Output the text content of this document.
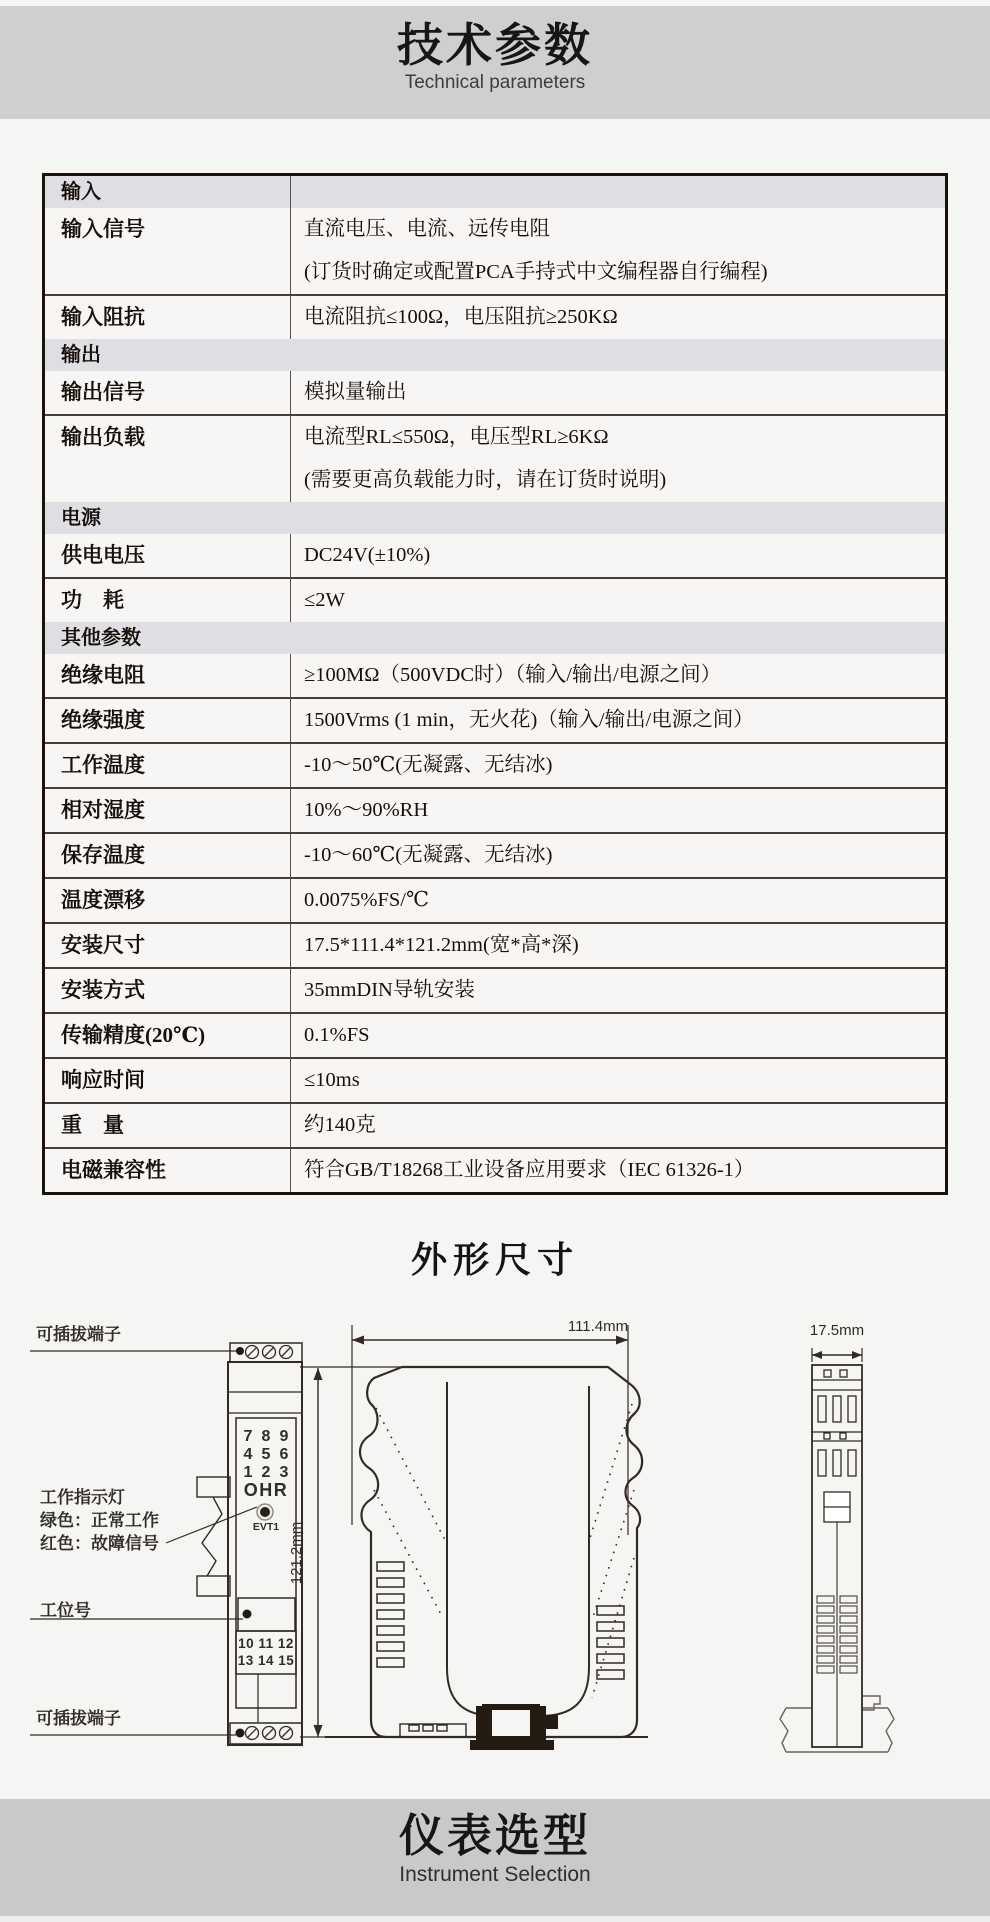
技术参数
Technical parameters
输入
输入信号	直流电压、电流、远传电阻
(订货时确定或配置PCA手持式中文编程器自行编程)
输入阻抗	电流阻抗≤100Ω，电压阻抗≥250KΩ
输出
输出信号	模拟量输出
输出负载	电流型RL≤550Ω，电压型RL≥6KΩ
(需要更高负载能力时，请在订货时说明)
电源
供电电压	DC24V(±10%)
功　耗	≤2W
其他参数
绝缘电阻	≥100MΩ（500VDC时）（输入/输出/电源之间）
绝缘强度	1500Vrms (1 min，无火花)（输入/输出/电源之间）
工作温度	-10～50℃(无凝露、无结冰)
相对湿度	10%～90%RH
保存温度	-10～60℃(无凝露、无结冰)
温度漂移	0.0075%FS/℃
安装尺寸	17.5*111.4*121.2mm(宽*高*深)
安装方式	35mmDIN导轨安装
传输精度(20℃)	0.1%FS
响应时间	≤10ms
重　量	约140克
电磁兼容性	符合GB/T18268工业设备应用要求（IEC 61326-1）
外形尺寸
可插拔端子
7 8 9
4 5 6
1 2 3
OHR
EVT1
10 11 12
13 14 15
工作指示灯
绿色：正常工作
红色：故障信号
工位号
可插拔端子
111.4mm
121.2mm
17.5mm
仪表选型
Instrument Selection
